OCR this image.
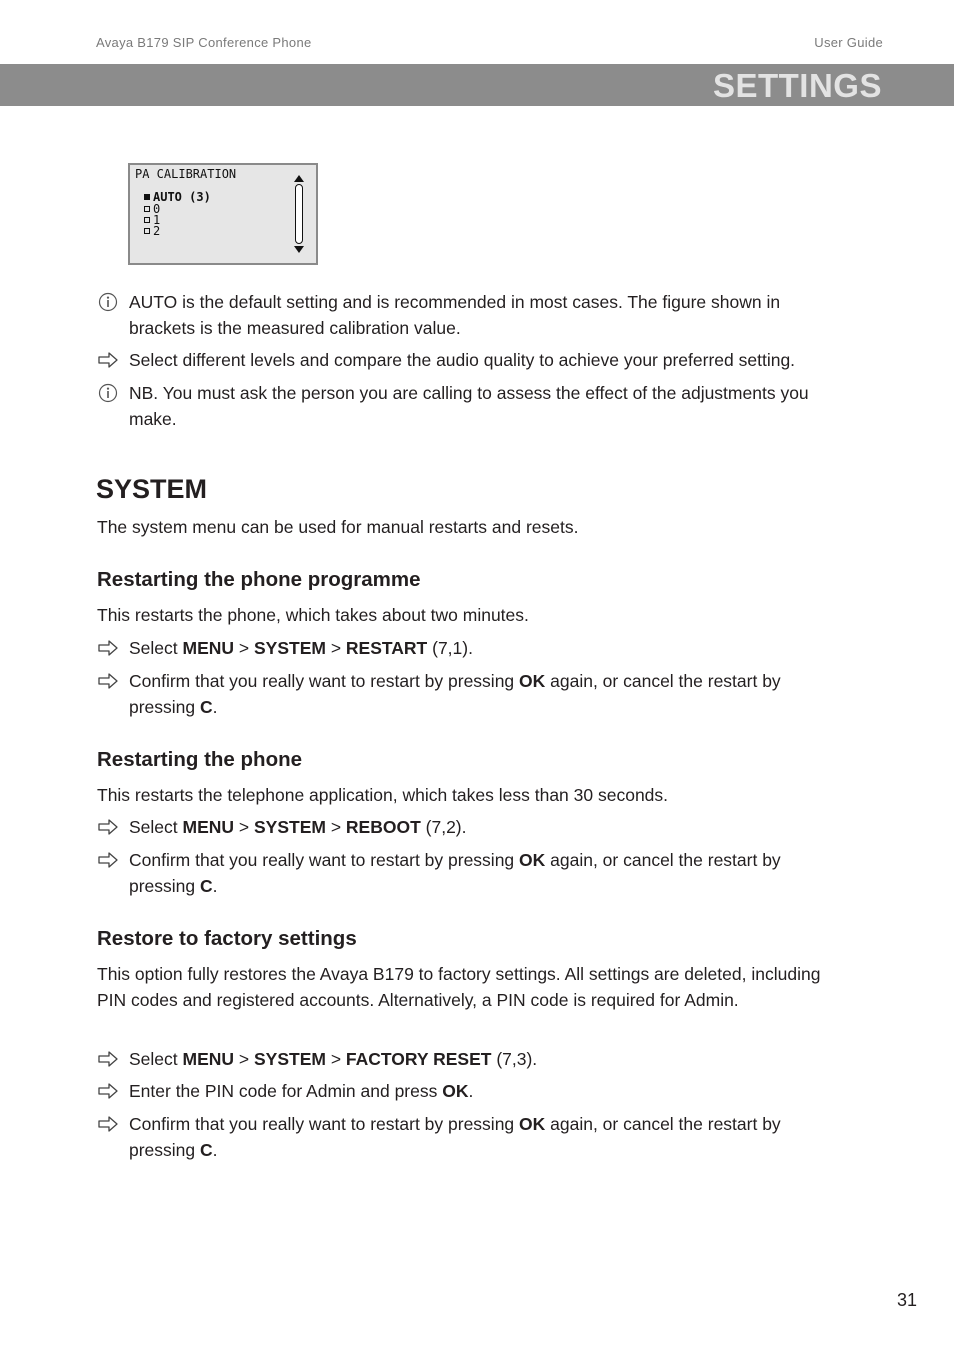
Avaya B179 SIP Conference Phone	User Guide
SETTINGS
PA CALIBRATION
AUTO (3)
0
1
2
AUTO is the default setting and is recommended in most cases. The figure shown in brackets is the measured calibration value.
Select different levels and compare the audio quality to achieve your preferred setting.
NB. You must ask the person you are calling to assess the effect of the adjustments you make.
SYSTEM

The system menu can be used for manual restarts and resets.

Restarting the phone programme

This restarts the phone, which takes about two minutes.

Select MENU > SYSTEM > RESTART (7,1).
Confirm that you really want to restart by pressing OK again, or cancel the restart by pressing C.
Restarting the phone

This restarts the telephone application, which takes less than 30 seconds.

Select MENU > SYSTEM > REBOOT (7,2).
Confirm that you really want to restart by pressing OK again, or cancel the restart by pressing C.
Restore to factory settings

This option fully restores the Avaya B179 to factory settings. All settings are deleted, including PIN codes and registered accounts. Alternatively, a PIN code is required for Admin.

Select MENU > SYSTEM > FACTORY RESET (7,3).
Enter the PIN code for Admin and press OK.
Confirm that you really want to restart by pressing OK again, or cancel the restart by pressing C.
31
